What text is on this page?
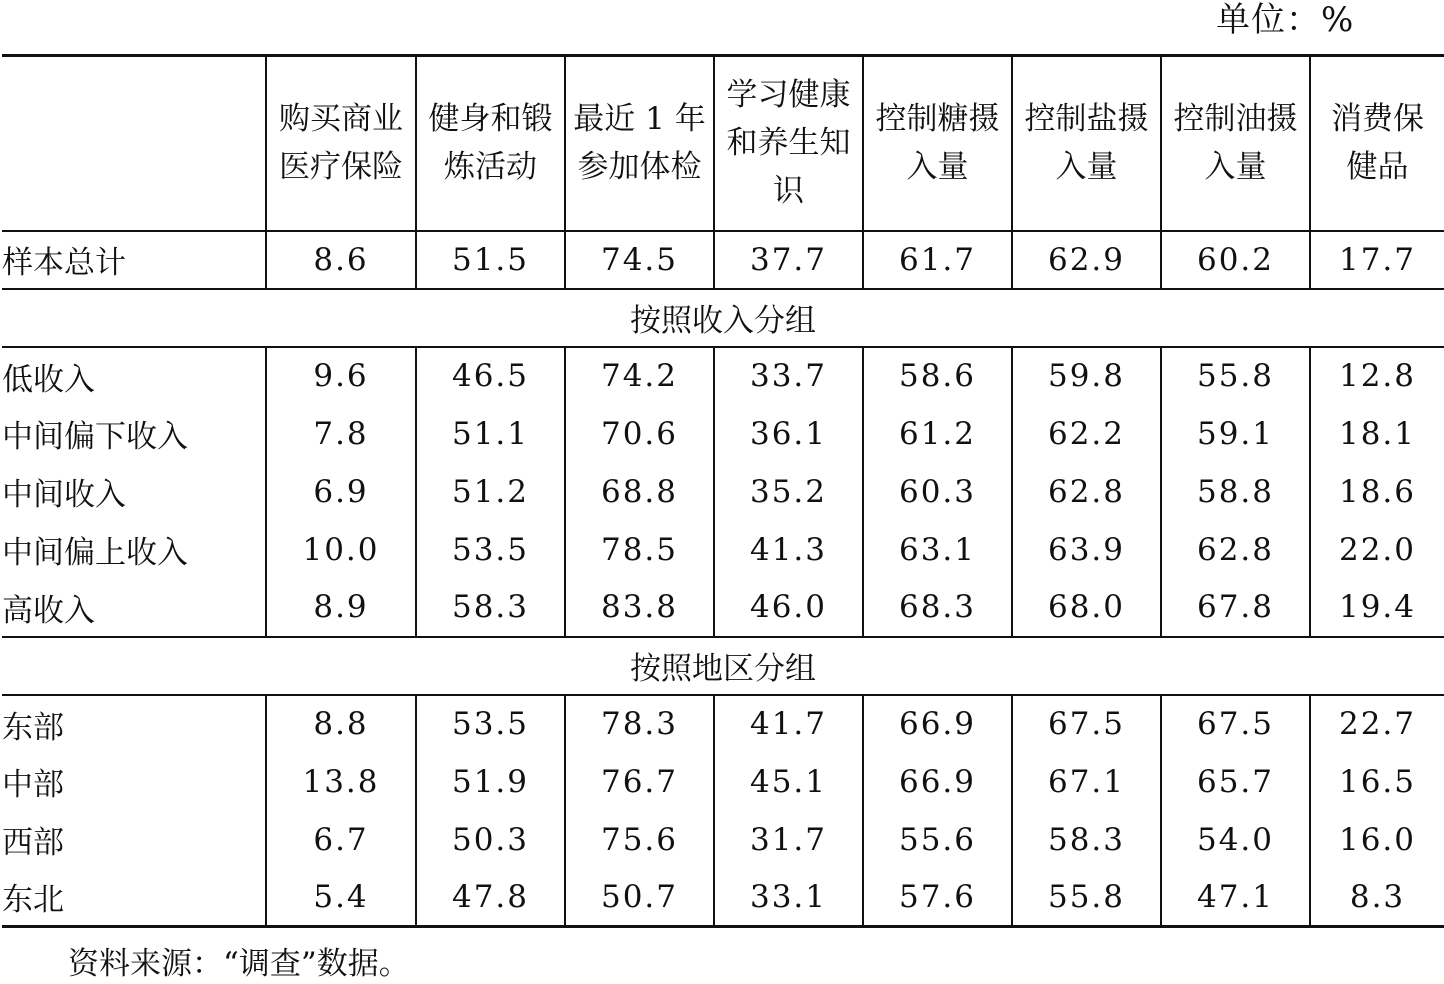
单位：%
	购买商业医疗保险	健身和锻炼活动	最近 1 年参加体检	学习健康和养生知识	控制糖摄入量	控制盐摄入量	控制油摄入量	消费保健品
样本总计	8.6	51.5	74.5	37.7	61.7	62.9	60.2	17.7
按照收入分组								
低收入	9.6	46.5	74.2	33.7	58.6	59.8	55.8	12.8
中间偏下收入	7.8	51.1	70.6	36.1	61.2	62.2	59.1	18.1
中间收入	6.9	51.2	68.8	35.2	60.3	62.8	58.8	18.6
中间偏上收入	10.0	53.5	78.5	41.3	63.1	63.9	62.8	22.0
高收入	8.9	58.3	83.8	46.0	68.3	68.0	67.8	19.4
按照地区分组								
东部	8.8	53.5	78.3	41.7	66.9	67.5	67.5	22.7
中部	13.8	51.9	76.7	45.1	66.9	67.1	65.7	16.5
西部	6.7	50.3	75.6	31.7	55.6	58.3	54.0	16.0
东北	5.4	47.8	50.7	33.1	57.6	55.8	47.1	8.3
资料来源：“调查”数据。
